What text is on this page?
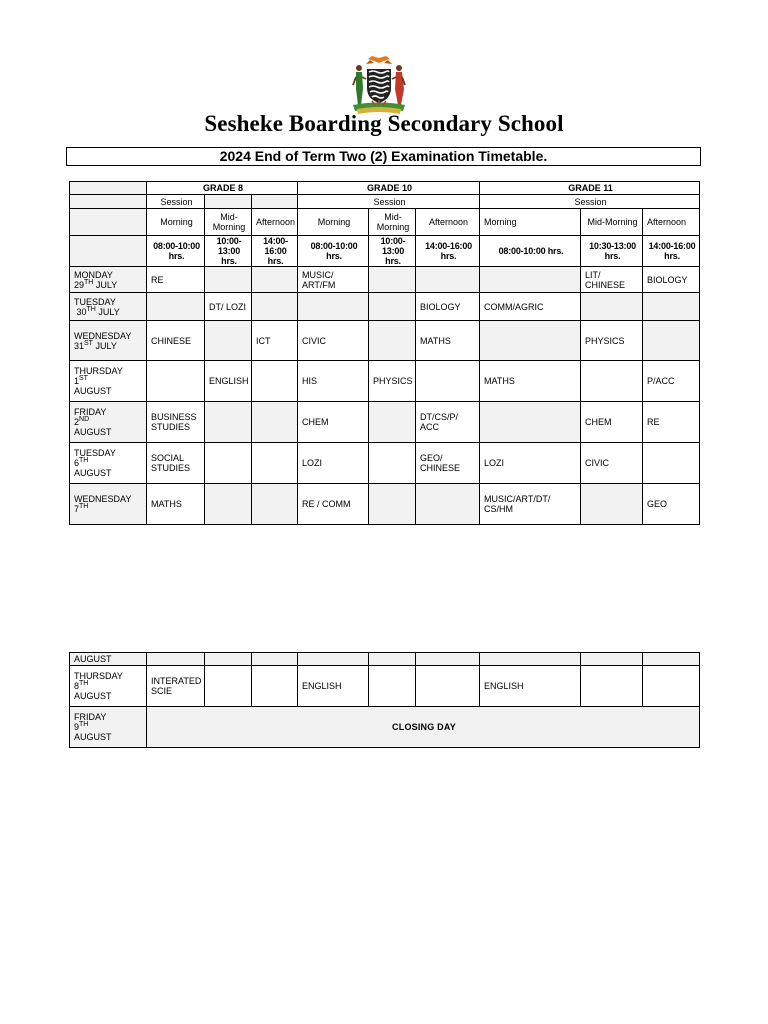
Sesheke Boarding Secondary School
2024 End of Term Two (2) Examination Timetable.
	GRADE 8			GRADE 10			GRADE 11		
	Session			Session			Session		
	Morning	Mid-Morning	Afternoon	Morning	Mid-Morning	Afternoon	Morning	Mid-Morning	Afternoon
	08:00-10:00 hrs.	10:00-13:00 hrs.	14:00-16:00 hrs.	08:00-10:00 hrs.	10:00-13:00 hrs.	14:00-16:00 hrs.	08:00-10:00 hrs.	10:30-13:00 hrs.	14:00-16:00 hrs.
MONDAY
29TH JULY	RE			MUSIC/ ART/FM				LIT/ CHINESE	BIOLOGY
TUESDAY
30TH JULY		DT/ LOZI				BIOLOGY	COMM/AGRIC		
WEDNESDAY
31ST JULY	CHINESE		ICT	CIVIC		MATHS		PHYSICS	
THURSDAY
1ST
AUGUST		ENGLISH		HIS	PHYSICS		MATHS		P/ACC
FRIDAY
2ND
AUGUST	BUSINESS STUDIES			CHEM		DT/CS/P/ ACC		CHEM	RE
TUESDAY
6TH
AUGUST	SOCIAL STUDIES			LOZI		GEO/ CHINESE	LOZI	CIVIC	
WEDNESDAY
7TH	MATHS			RE / COMM			MUSIC/ART/DT/ CS/HM		GEO
AUGUST									
THURSDAY
8TH
AUGUST	INTERATED SCIE			ENGLISH			ENGLISH		
FRIDAY
9TH
AUGUST	CLOSING DAY								
